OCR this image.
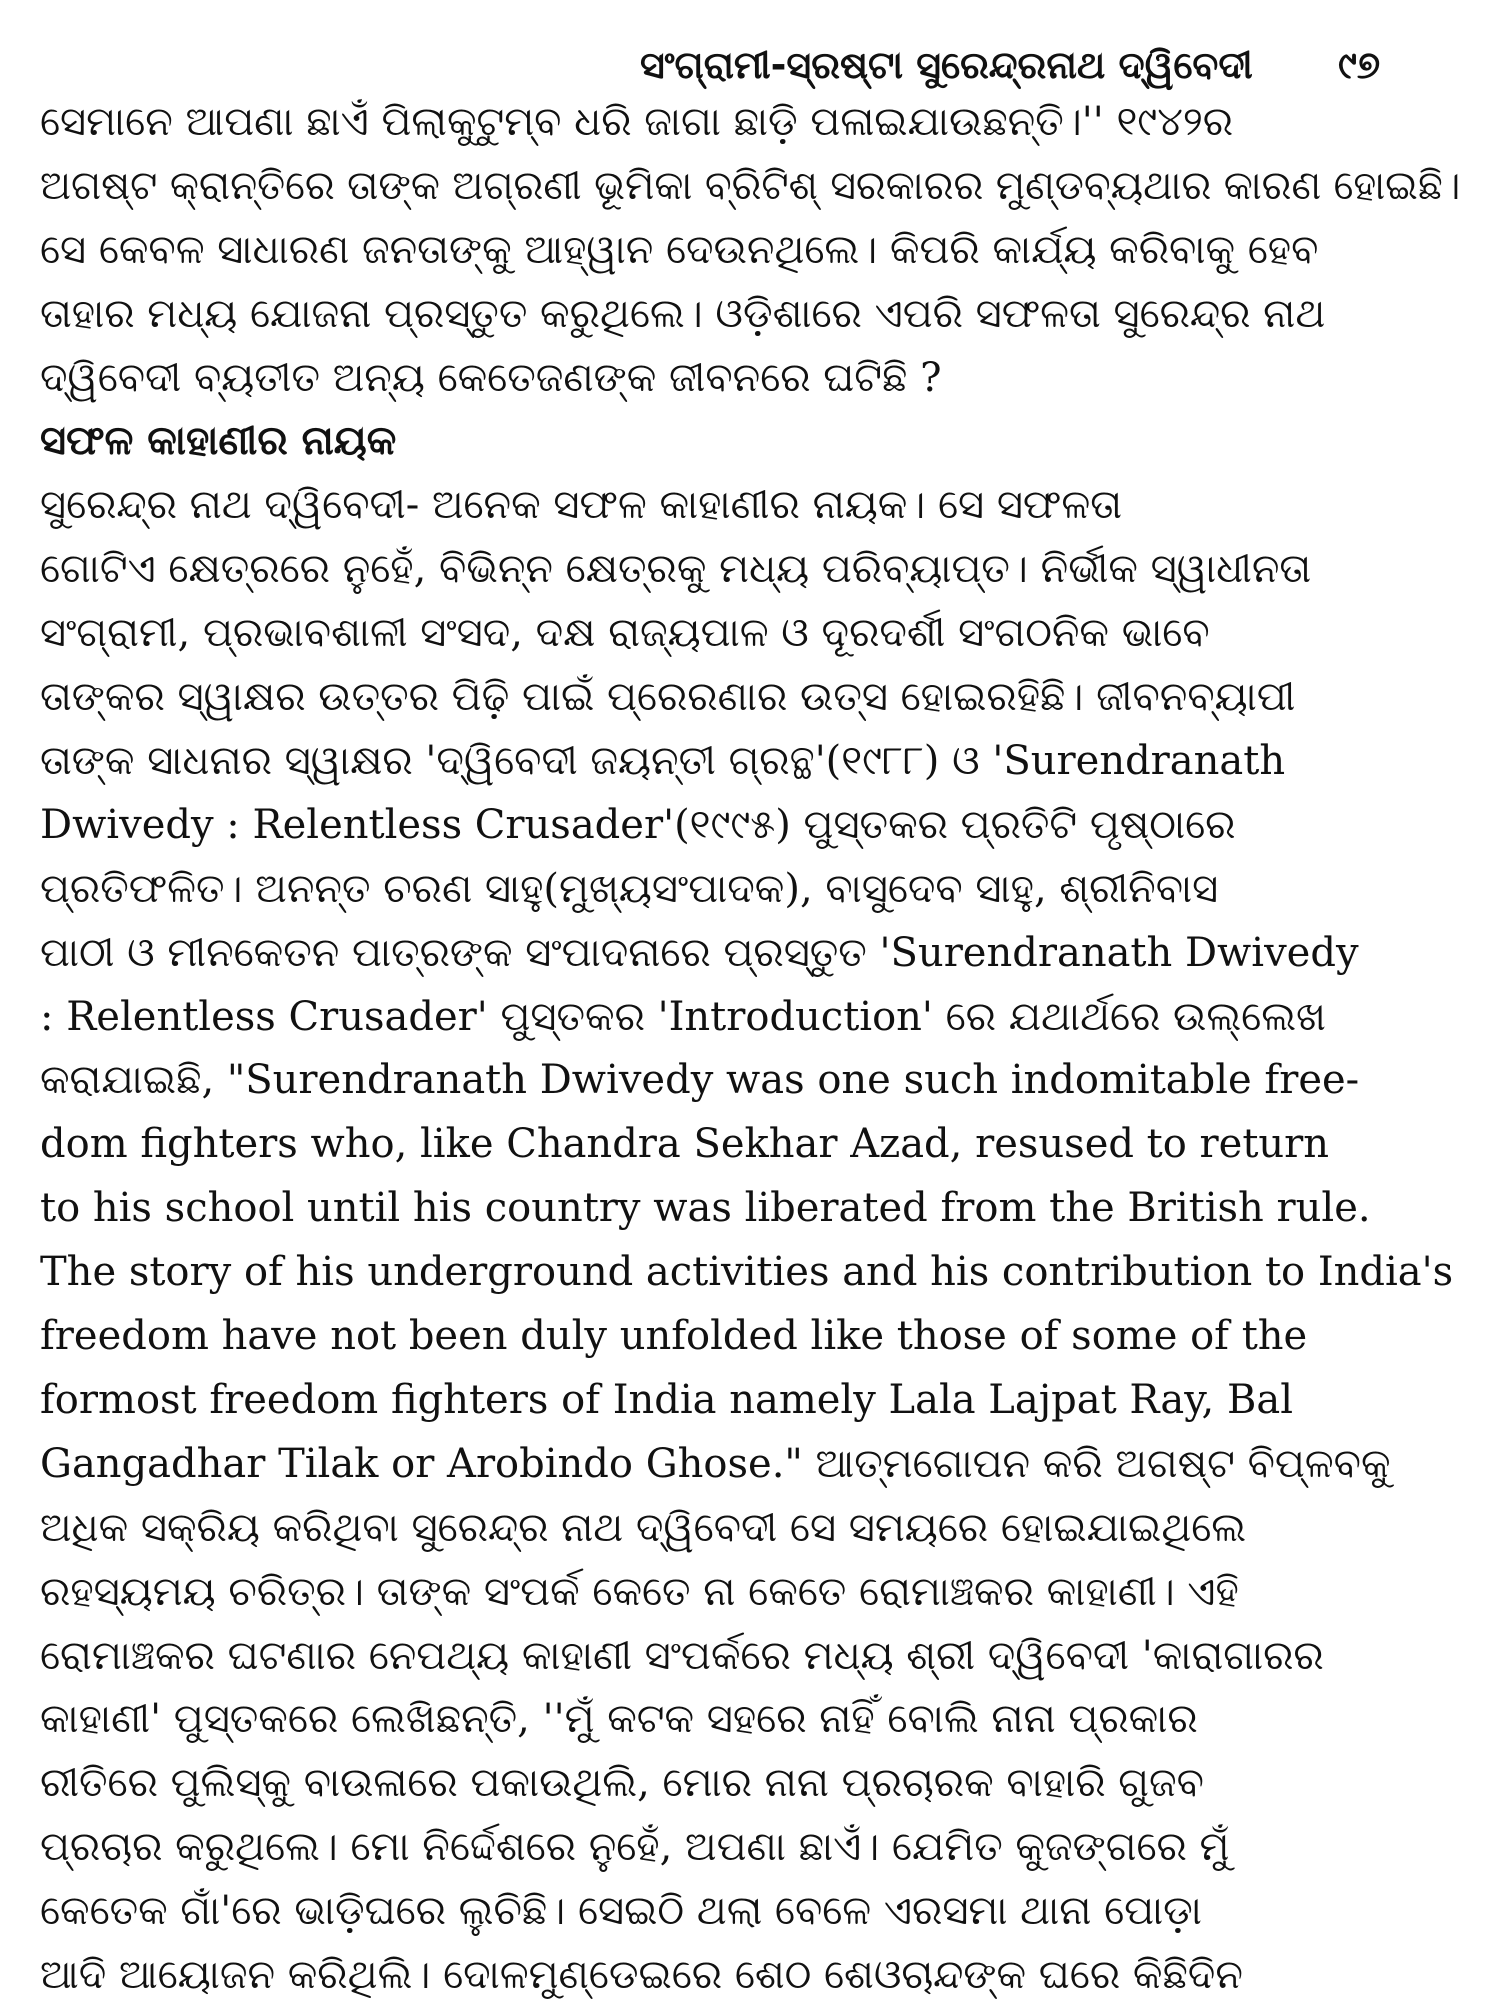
ସଂଗ୍ରାମୀ-ସ୍ରଷ୍ଟା ସୁରେନ୍ଦ୍ରନାଥ ଦ୍ୱିବେଦୀ ୯୭
ସେମାନେ ଆପଣା ଛାଏଁ ପିଲାକୁଟୁମ୍ବ ଧରି ଜାଗା ଛାଡ଼ି ପଳାଇଯାଉଛନ୍ତି।'' ୧୯୪୨ର
ଅଗଷ୍ଟ କ୍ରାନ୍ତିରେ ତାଙ୍କ ଅଗ୍ରଣୀ ଭୂମିକା ବ୍ରିଟିଶ୍ ସରକାରର ମୁଣ୍ଡବ୍ୟଥାର କାରଣ ହୋଇଛି।
ସେ କେବଳ ସାଧାରଣ ଜନତାଙ୍କୁ ଆହ୍ୱାନ ଦେଉନଥିଲେ। କିପରି କାର୍ଯ୍ୟ କରିବାକୁ ହେବ
ତାହାର ମଧ୍ୟ ଯୋଜନା ପ୍ରସ୍ତୁତ କରୁଥିଲେ। ଓଡ଼ିଶାରେ ଏପରି ସଫଳତା ସୁରେନ୍ଦ୍ର ନାଥ
ଦ୍ୱିବେଦୀ ବ୍ୟତୀତ ଅନ୍ୟ କେତେଜଣଙ୍କ ଜୀବନରେ ଘଟିଛି ?
ସଫଳ କାହାଣୀର ନାୟକ
ସୁରେନ୍ଦ୍ର ନାଥ ଦ୍ୱିବେଦୀ- ଅନେକ ସଫଳ କାହାଣୀର ନାୟକ। ସେ ସଫଳତା
ଗୋଟିଏ କ୍ଷେତ୍ରରେ ନୁହେଁ, ବିଭିନ୍ନ କ୍ଷେତ୍ରକୁ ମଧ୍ୟ ପରିବ୍ୟାପ୍ତ। ନିର୍ଭୀକ ସ୍ୱାଧୀନତା
ସଂଗ୍ରାମୀ, ପ୍ରଭାବଶାଳୀ ସଂସଦ, ଦକ୍ଷ ରାଜ୍ୟପାଳ ଓ ଦୂରଦର୍ଶୀ ସଂଗଠନିକ ଭାବେ
ତାଙ୍କର ସ୍ୱାକ୍ଷର ଉତ୍ତର ପିଢ଼ି ପାଇଁ ପ୍ରେରଣାର ଉତ୍ସ ହୋଇରହିଛି। ଜୀବନବ୍ୟାପୀ
ତାଙ୍କ ସାଧନାର ସ୍ୱାକ୍ଷର 'ଦ୍ୱିବେଦୀ ଜୟନ୍ତୀ ଗ୍ରନ୍ଥ'(୧୯୮୮) ଓ 'Surendranath
Dwivedy : Relentless Crusader'(୧୯୯୫) ପୁସ୍ତକର ପ୍ରତିଟି ପୃଷ୍ଠାରେ
ପ୍ରତିଫଳିତ। ଅନନ୍ତ ଚରଣ ସାହୁ(ମୁଖ୍ୟସଂପାଦକ), ବାସୁଦେବ ସାହୁ, ଶ୍ରୀନିବାସ
ପାଠୀ ଓ ମୀନକେତନ ପାତ୍ରଙ୍କ ସଂପାଦନାରେ ପ୍ରସ୍ତୁତ 'Surendranath Dwivedy
: Relentless Crusader' ପୁସ୍ତକର 'Introduction' ରେ ଯଥାର୍ଥରେ ଉଲ୍ଲେଖ
କରାଯାଇଛି, "Surendranath Dwivedy was one such indomitable free-
dom fighters who, like Chandra Sekhar Azad, resused to return
to his school until his country was liberated from the British rule.
The story of his underground activities and his contribution to India's
freedom have not been duly unfolded like those of some of the
formost freedom fighters of India namely Lala Lajpat Ray, Bal
Gangadhar Tilak or Arobindo Ghose." ଆତ୍ମଗୋପନ କରି ଅଗଷ୍ଟ ବିପ୍ଳବକୁ
ଅଧିକ ସକ୍ରିୟ କରିଥିବା ସୁରେନ୍ଦ୍ର ନାଥ ଦ୍ୱିବେଦୀ ସେ ସମୟରେ ହୋଇଯାଇଥିଲେ
ରହସ୍ୟମୟ ଚରିତ୍ର। ତାଙ୍କ ସଂପର୍କ କେତେ ନା କେତେ ରୋମାଞ୍ଚକର କାହାଣୀ। ଏହି
ରୋମାଞ୍ଚକର ଘଟଣାର ନେପଥ୍ୟ କାହାଣୀ ସଂପର୍କରେ ମଧ୍ୟ ଶ୍ରୀ ଦ୍ୱିବେଦୀ 'କାରାଗାରର
କାହାଣୀ' ପୁସ୍ତକରେ ଲେଖିଛନ୍ତି, ''ମୁଁ କଟକ ସହରେ ନାହିଁ ବୋଲି ନାନା ପ୍ରକାର
ରୀତିରେ ପୁଲିସ୍କୁ ବାଉଳାରେ ପକାଉଥିଲି, ମୋର ନାନା ପ୍ରଚାରକ ବାହାରି ଗୁଜବ
ପ୍ରଚାର କରୁଥିଲେ। ମୋ ନିର୍ଦ୍ଦେଶରେ ନୁହେଁ, ଅପଣା ଛାଏଁ। ଯେମିତ କୁଜଙ୍ଗରେ ମୁଁ
କେତେକ ଗାଁ'ରେ ଭାଡ଼ିଘରେ ଲୁଚିଛି। ସେଇଠି ଥଲା ବେଳେ ଏରସମା ଥାନା ପୋଡ଼ା
ଆଦି ଆୟୋଜନ କରିଥିଲି। ଦୋଳମୁଣ୍ଡେଇରେ ଶେଠ ଶେଓଚାନ୍ଦଙ୍କ ଘରେ କିଛିଦିନ
